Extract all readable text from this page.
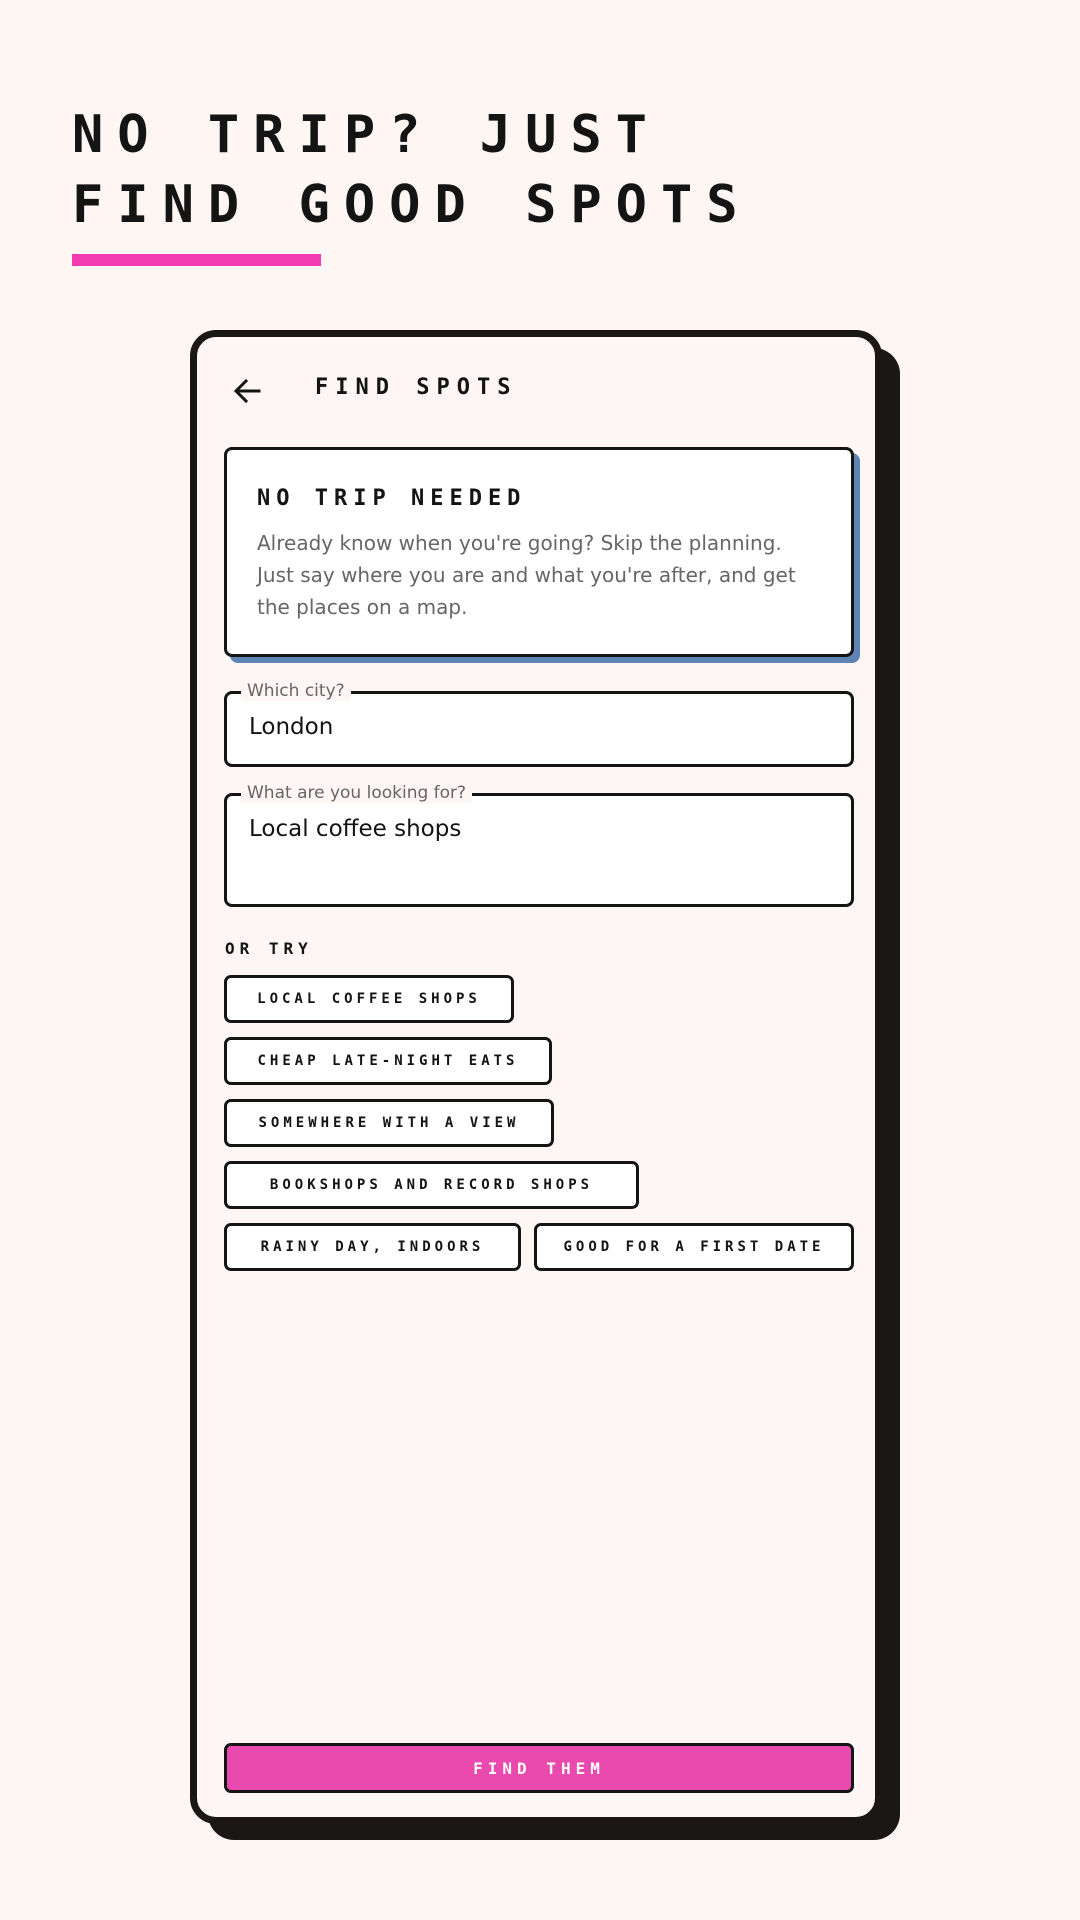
NO TRIP? JUST
FIND GOOD SPOTS
FIND SPOTS
NO TRIP NEEDED
Already know when you're going? Skip the planning. Just say where you are and what you're after, and get the places on a map.
Which city?
London
What are you looking for?
Local coffee shops
OR TRY
LOCAL COFFEE SHOPS
CHEAP LATE-NIGHT EATS
SOMEWHERE WITH A VIEW
BOOKSHOPS AND RECORD SHOPS
RAINY DAY, INDOORS	GOOD FOR A FIRST DATE
FIND THEM
